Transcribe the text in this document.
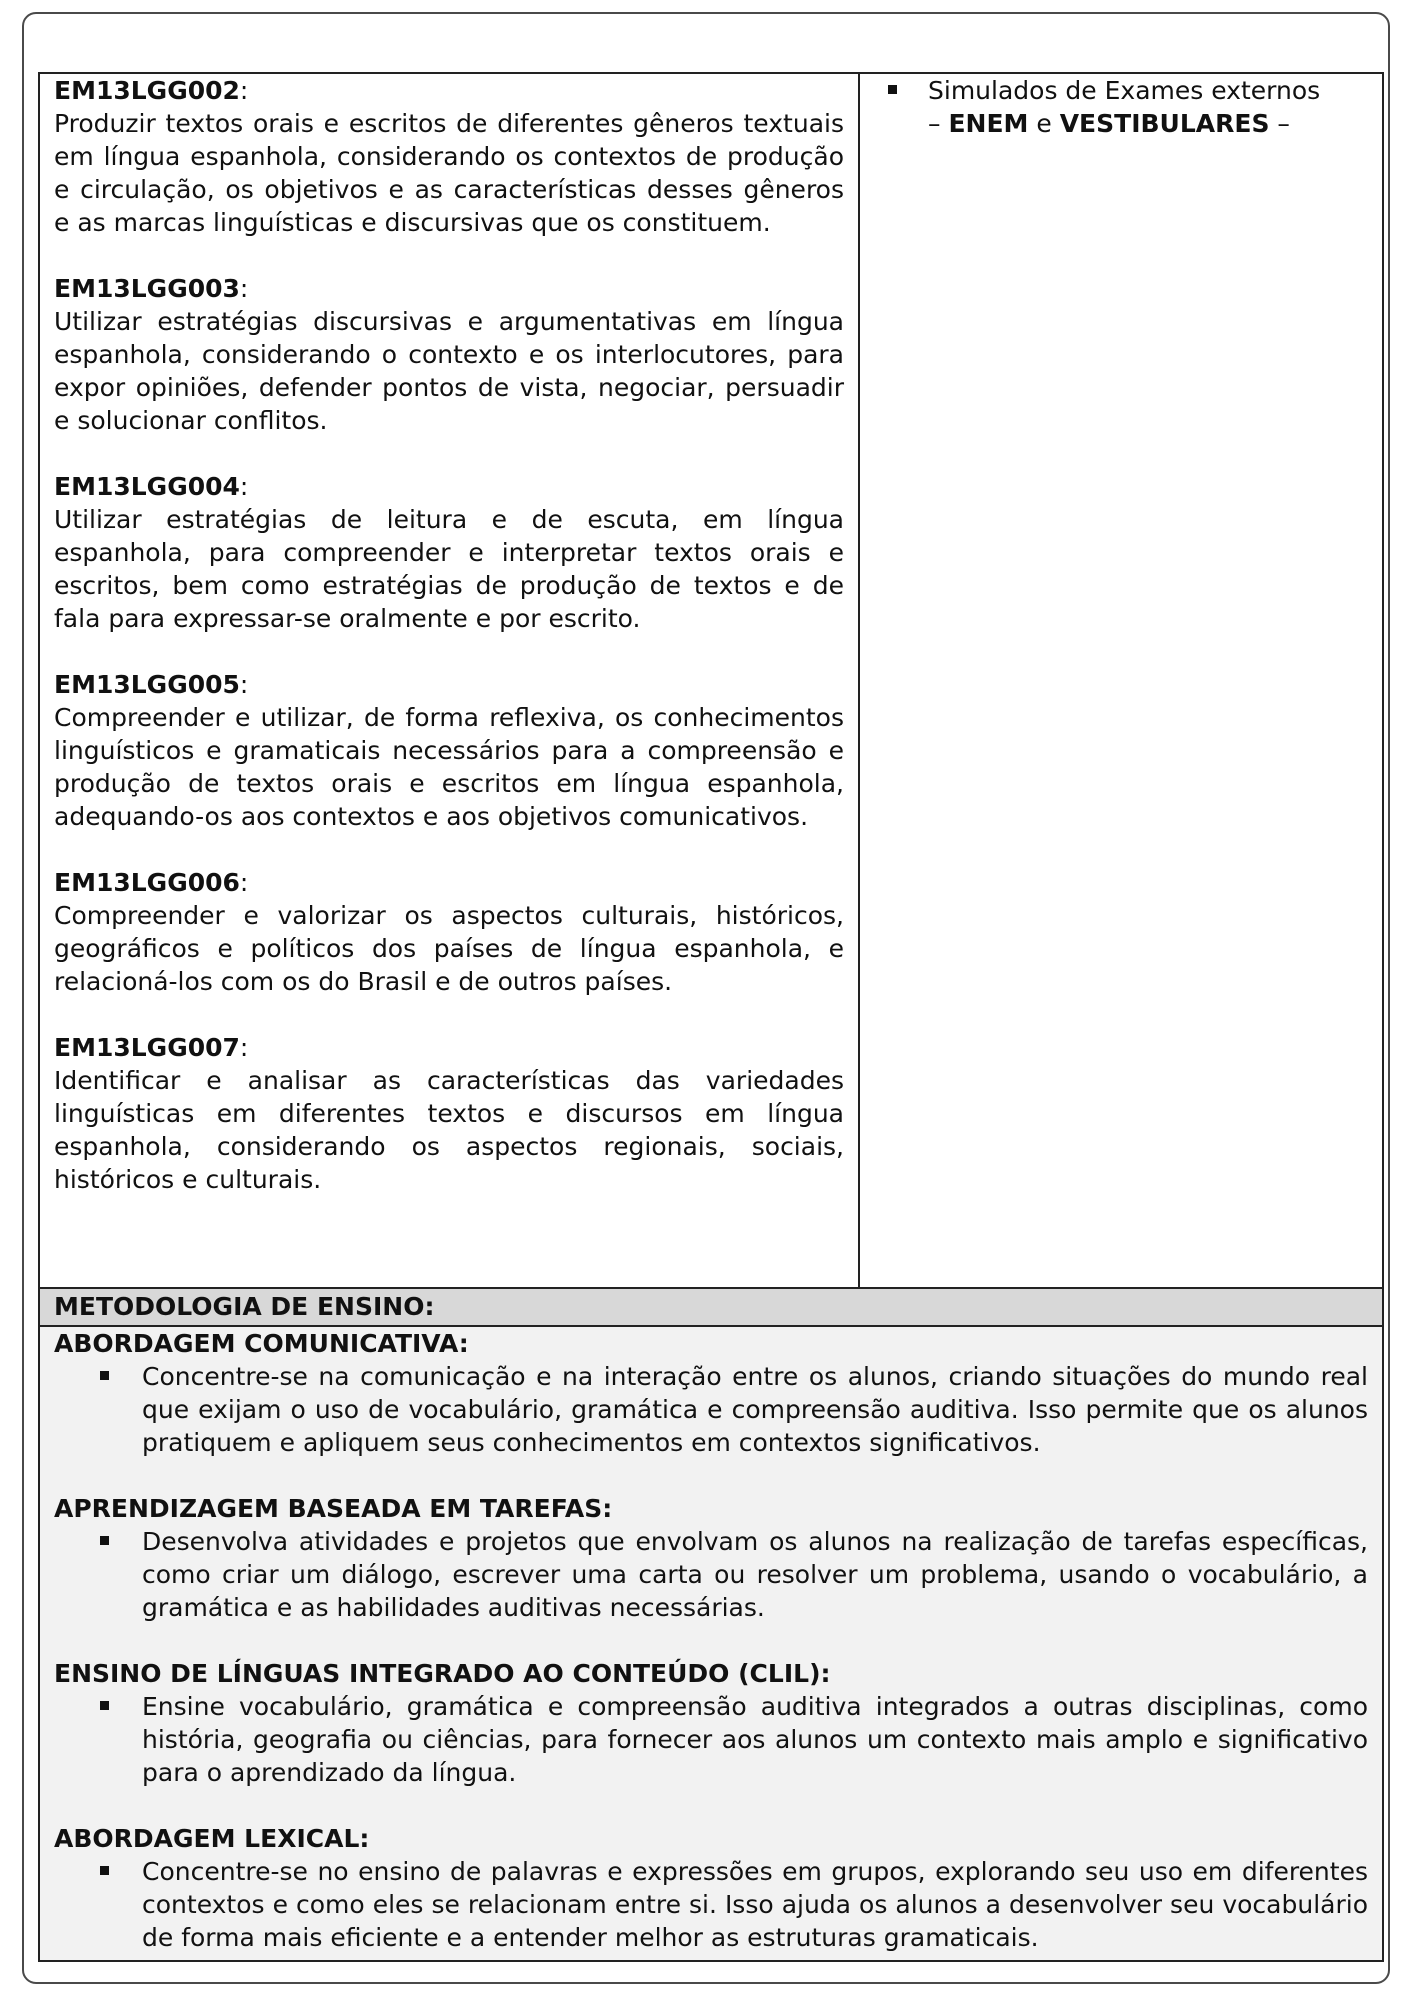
EM13LGG002:
Produzir textos orais e escritos de diferentes gêneros textuais em língua espanhola, considerando os contextos de produção e circulação, os objetivos e as características desses gêneros e as marcas linguísticas e discursivas que os constituem.
EM13LGG003:
Utilizar estratégias discursivas e argumentativas em língua espanhola, considerando o contexto e os interlocutores, para expor opiniões, defender pontos de vista, negociar, persuadir e solucionar conflitos.
EM13LGG004:
Utilizar estratégias de leitura e de escuta, em língua espanhola, para compreender e interpretar textos orais e escritos, bem como estratégias de produção de textos e de fala para expressar-se oralmente e por escrito.
EM13LGG005:
Compreender e utilizar, de forma reflexiva, os conhecimentos linguísticos e gramaticais necessários para a compreensão e produção de textos orais e escritos em língua espanhola, adequando-os aos contextos e aos objetivos comunicativos.
EM13LGG006:
Compreender e valorizar os aspectos culturais, históricos, geográficos e políticos dos países de língua espanhola, e relacioná-los com os do Brasil e de outros países.
EM13LGG007:
Identificar e analisar as características das variedades linguísticas em diferentes textos e discursos em língua espanhola, considerando os aspectos regionais, sociais, históricos e culturais.
Simulados de Exames externos
– ENEM e VESTIBULARES –
METODOLOGIA DE ENSINO:
ABORDAGEM COMUNICATIVA:
Concentre-se na comunicação e na interação entre os alunos, criando situações do mundo real que exijam o uso de vocabulário, gramática e compreensão auditiva. Isso permite que os alunos pratiquem e apliquem seus conhecimentos em contextos significativos.
APRENDIZAGEM BASEADA EM TAREFAS:
Desenvolva atividades e projetos que envolvam os alunos na realização de tarefas específicas, como criar um diálogo, escrever uma carta ou resolver um problema, usando o vocabulário, a gramática e as habilidades auditivas necessárias.
ENSINO DE LÍNGUAS INTEGRADO AO CONTEÚDO (CLIL):
Ensine vocabulário, gramática e compreensão auditiva integrados a outras disciplinas, como história, geografia ou ciências, para fornecer aos alunos um contexto mais amplo e significativo para o aprendizado da língua.
ABORDAGEM LEXICAL:
Concentre-se no ensino de palavras e expressões em grupos, explorando seu uso em diferentes contextos e como eles se relacionam entre si. Isso ajuda os alunos a desenvolver seu vocabulário de forma mais eficiente e a entender melhor as estruturas gramaticais.
